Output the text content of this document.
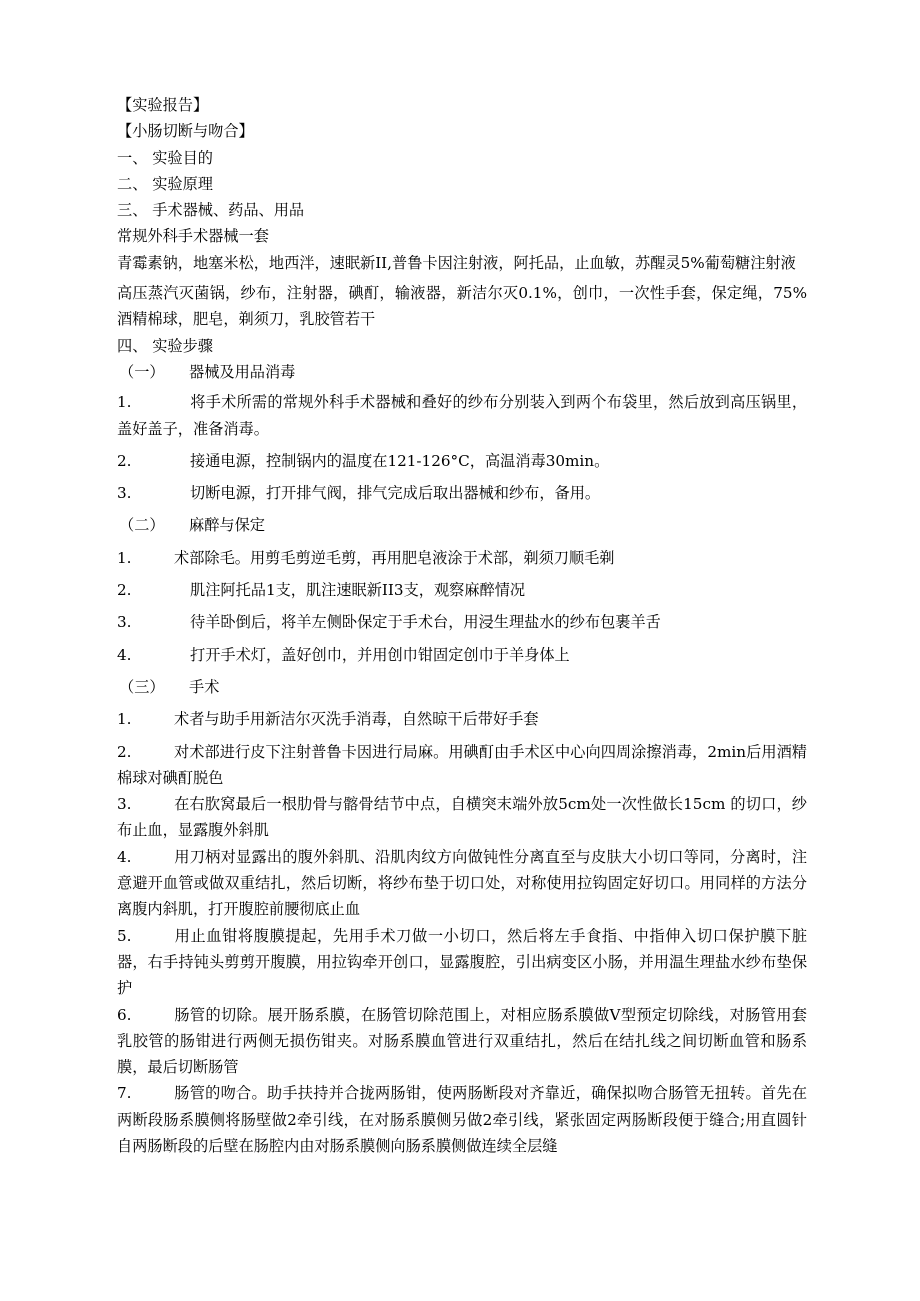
【实验报告】
【小肠切断与吻合】
一、 实验目的
二、 实验原理
三、 手术器械、药品、用品
常规外科手术器械一套
青霉素钠，地塞米松，地西泮，速眠新II,普鲁卡因注射液，阿托品，止血敏，苏醒灵5%葡萄糖注射液
高压蒸汽灭菌锅，纱布，注射器，碘酊，输液器，新洁尔灭0.1%，创巾，一次性手套，保定绳，75%酒精棉球，肥皂，剃须刀，乳胶管若干
四、 实验步骤
（一） 器械及用品消毒
1.	将手术所需的常规外科手术器械和叠好的纱布分别装入到两个布袋里，然后放到高压锅里，盖好盖子，准备消毒。
2.	接通电源，控制锅内的温度在121-126°C，高温消毒30min。
3.	切断电源，打开排气阀，排气完成后取出器械和纱布，备用。
（二） 麻醉与保定
1.	术部除毛。用剪毛剪逆毛剪，再用肥皂液涂于术部，剃须刀顺毛剃
2.	肌注阿托品1支，肌注速眠新II3支，观察麻醉情况
3.	待羊卧倒后，将羊左侧卧保定于手术台，用浸生理盐水的纱布包裹羊舌
4.	打开手术灯，盖好创巾，并用创巾钳固定创巾于羊身体上
（三） 手术
1.	术者与助手用新洁尔灭洗手消毒，自然晾干后带好手套
2.	对术部进行皮下注射普鲁卡因进行局麻。用碘酊由手术区中心向四周涂擦消毒，2min后用酒精棉球对碘酊脱色
3.	在右肷窝最后一根肋骨与髂骨结节中点，自横突末端外放5cm处一次性做长15cm 的切口，纱布止血，显露腹外斜肌
4.	用刀柄对显露出的腹外斜肌、沿肌肉纹方向做钝性分离直至与皮肤大小切口等同，分离时，注意避开血管或做双重结扎，然后切断，将纱布垫于切口处，对称使用拉钩固定好切口。用同样的方法分离腹内斜肌，打开腹腔前腰彻底止血
5.	用止血钳将腹膜提起，先用手术刀做一小切口，然后将左手食指、中指伸入切口保护膜下脏器，右手持钝头剪剪开腹膜，用拉钩牵开创口，显露腹腔，引出病变区小肠，并用温生理盐水纱布垫保护
6.	肠管的切除。展开肠系膜，在肠管切除范围上，对相应肠系膜做V型预定切除线，对肠管用套乳胶管的肠钳进行两侧无损伤钳夹。对肠系膜血管进行双重结扎，然后在结扎线之间切断血管和肠系膜，最后切断肠管
7.	肠管的吻合。助手扶持并合拢两肠钳，使两肠断段对齐靠近，确保拟吻合肠管无扭转。首先在两断段肠系膜侧将肠壁做2牵引线，在对肠系膜侧另做2牵引线，紧张固定两肠断段便于缝合;用直圆针自两肠断段的后壁在肠腔内由对肠系膜侧向肠系膜侧做连续全层缝
